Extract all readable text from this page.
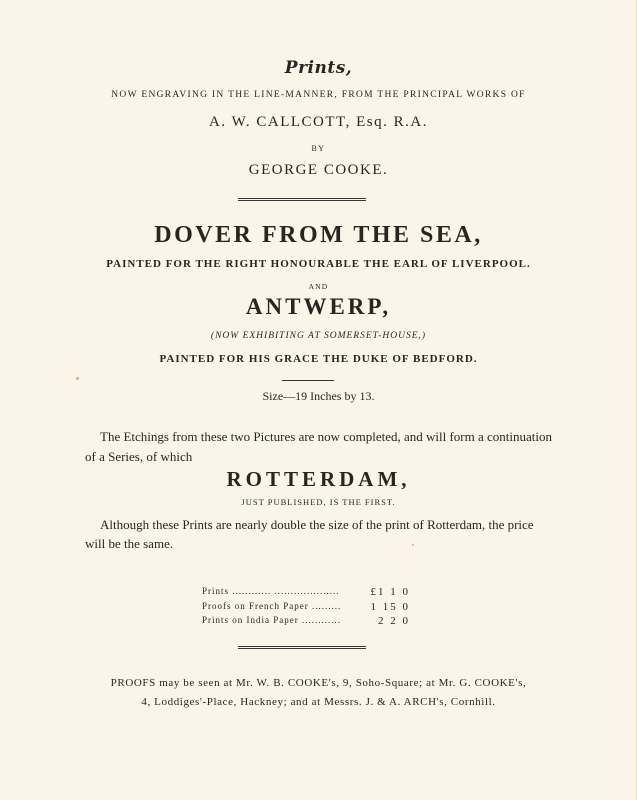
Prints,
NOW ENGRAVING IN THE LINE-MANNER, FROM THE PRINCIPAL WORKS OF
A. W. CALLCOTT, Esq. R.A.
BY
GEORGE COOKE.
DOVER FROM THE SEA,
PAINTED FOR THE RIGHT HONOURABLE THE EARL OF LIVERPOOL.
AND
ANTWERP,
(NOW EXHIBITING AT SOMERSET-HOUSE,)
PAINTED FOR HIS GRACE THE DUKE OF BEDFORD.
Size—19 Inches by 13.
The Etchings from these two Pictures are now completed, and will form a continuation
of a Series, of which
ROTTERDAM,
JUST PUBLISHED, IS THE FIRST.
Although these Prints are nearly double the size of the print of Rotterdam, the price
will be the same.
Prints ............ ....................	£1 1 0
Proofs on French Paper .........	1 15 0
Prints on India Paper ............	2 2 0
PROOFS may be seen at Mr. W. B. COOKE's, 9, Soho-Square; at Mr. G. COOKE's,
4, Loddiges'-Place, Hackney; and at Messrs. J. & A. ARCH's, Cornhill.
